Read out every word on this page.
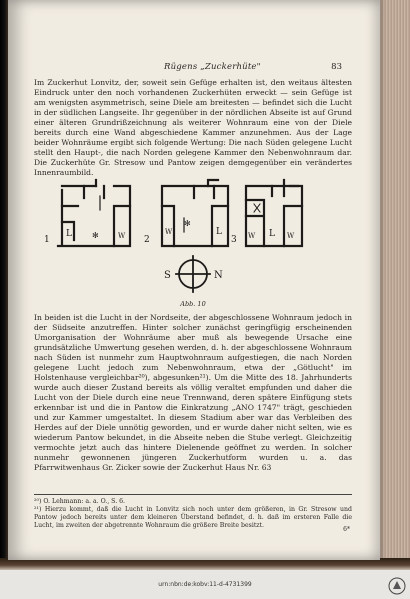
Rügens „Zuckerhüte"	83

Im Zuckerhut Lonvitz, der, soweit sein Gefüge erhalten ist, den weitaus ältesten Eindruck unter den noch vorhandenen Zuckerhüten erweckt — sein Gefüge ist am wenigsten asymmetrisch, seine Diele am breitesten — befindet sich die Lucht in der südlichen Langseite. Ihr gegenüber in der nördlichen Abseite ist auf Grund einer älteren Grundrißzeichnung als weiterer Wohnraum eine von der Diele bereits durch eine Wand abgeschiedene Kammer anzunehmen. Aus der Lage beider Wohnräume ergibt sich folgende Wertung: Die nach Süden gelegene Lucht stellt den Haupt-, die nach Norden gelegene Kammer den Nebenwohnraum dar. Die Zuckerhüte Gr. Stresow und Pantow zeigen demgegenüber ein verändertes Innenraumbild.

1	2	3
L	W	W	L	W	W
L
S	N
✻
✻
Abb. 10

In beiden ist die Lucht in der Nordseite, der abgeschlossene Wohnraum jedoch in der Südseite anzutreffen. Hinter solcher zunächst geringfügig erscheinenden Umorganisation der Wohnräume aber muß als bewegende Ursache eine grundsätzliche Umwertung gesehen werden, d. h. der abgeschlossene Wohnraum nach Süden ist nunmehr zum Hauptwohnraum aufgestiegen, die nach Norden gelegene Lucht jedoch zum Nebenwohnraum, etwa der „Götlucht" im Holstenhause vergleichbar²⁰), abgesunken²¹). Um die Mitte des 18. Jahrhunderts wurde auch dieser Zustand bereits als völlig veraltet empfunden und daher die Lucht von der Diele durch eine neue Trennwand, deren spätere Einfügung stets erkennbar ist und die in Pantow die Einkratzung „ANO 1747" trägt, geschieden und zur Kammer umgestaltet. In diesem Stadium aber war das Verbleiben des Herdes auf der Diele unnötig geworden, und er wurde daher nicht selten, wie es wiederum Pantow bekundet, in die Abseite neben die Stube verlegt. Gleichzeitig vermochte jetzt auch das hintere Dielenende geöffnet zu werden. In solcher nunmehr gewonnenen jüngeren Zuckerhutform wurden u. a. das Pfarrwitwenhaus Gr. Zicker sowie der Zuckerhut Haus Nr. 63

²⁰) O. Lehmann: a. a. O., S. 6.

²¹) Hierzu kommt, daß die Lucht in Lonvitz sich noch unter dem größeren, in Gr. Stresow und Pantow jedoch bereits unter dem kleineren Überstand befindet, d. h. daß im ersteren Falle die Lucht, im zweiten der abgetrennte Wohnraum die größere Breite besitzt.

6*
urn:nbn:de:kobv:11-d-4731399
